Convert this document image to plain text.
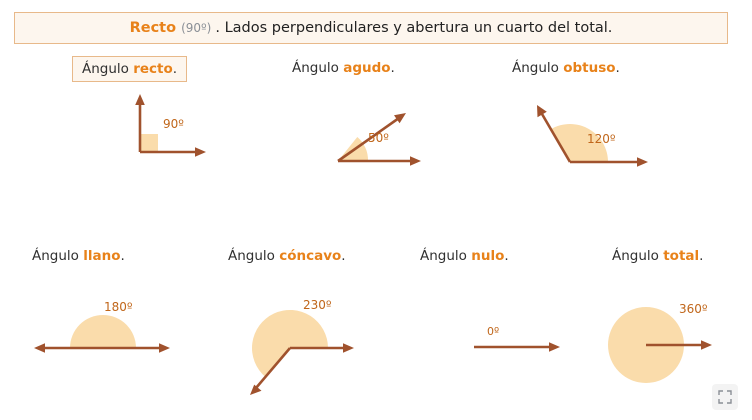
Recto (90º) . Lados perpendiculares y abertura un cuarto del total.
Ángulo recto.
90º
Ángulo agudo.
50º
Ángulo obtuso.
120º
Ángulo llano.
180º
Ángulo cóncavo.
230º
Ángulo nulo.
0º
Ángulo total.
360º
